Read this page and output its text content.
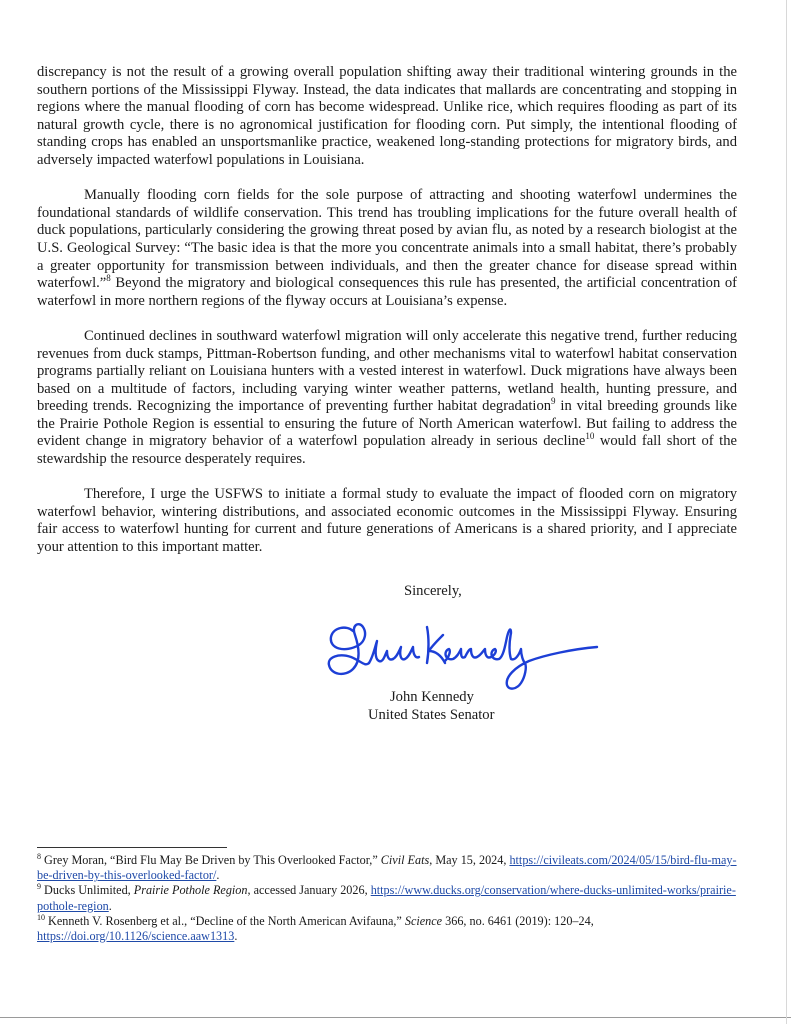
discrepancy is not the result of a growing overall population shifting away their traditional wintering grounds in the southern portions of the Mississippi Flyway. Instead, the data indicates that mallards are concentrating and stopping in regions where the manual flooding of corn has become widespread. Unlike rice, which requires flooding as part of its natural growth cycle, there is no agronomical justification for flooding corn. Put simply, the intentional flooding of standing crops has enabled an unsportsmanlike practice, weakened long-standing protections for migratory birds, and adversely impacted waterfowl populations in Louisiana.

Manually flooding corn fields for the sole purpose of attracting and shooting waterfowl undermines the foundational standards of wildlife conservation. This trend has troubling implications for the future overall health of duck populations, particularly considering the growing threat posed by avian flu, as noted by a research biologist at the U.S. Geological Survey: “The basic idea is that the more you concentrate animals into a small habitat, there’s probably a greater opportunity for transmission between individuals, and then the greater chance for disease spread within waterfowl.”$^8$ Beyond the migratory and biological consequences this rule has presented, the artificial concentration of waterfowl in more northern regions of the flyway occurs at Louisiana’s expense.

Continued declines in southward waterfowl migration will only accelerate this negative trend, further reducing revenues from duck stamps, Pittman-Robertson funding, and other mechanisms vital to waterfowl habitat conservation programs partially reliant on Louisiana hunters with a vested interest in waterfowl. Duck migrations have always been based on a multitude of factors, including varying winter weather patterns, wetland health, hunting pressure, and breeding trends. Recognizing the importance of preventing further habitat degradation$^9$ in vital breeding grounds like the Prairie Pothole Region is essential to ensuring the future of North American waterfowl. But failing to address the evident change in migratory behavior of a waterfowl population already in serious decline$^{10}$ would fall short of the stewardship the resource desperately requires.

Therefore, I urge the USFWS to initiate a formal study to evaluate the impact of flooded corn on migratory waterfowl behavior, wintering distributions, and associated economic outcomes in the Mississippi Flyway. Ensuring fair access to waterfowl hunting for current and future generations of Americans is a shared priority, and I appreciate your attention to this important matter.

Sincerely,
John Kennedy
United States Senator

$^8$ Grey Moran, “Bird Flu May Be Driven by This Overlooked Factor,” Civil Eats, May 15, 2024, https://civileats.com/2024/05/15/bird-flu-may-be-driven-by-this-overlooked-factor/.

$^9$ Ducks Unlimited, Prairie Pothole Region, accessed January 2026, https://www.ducks.org/conservation/where-ducks-unlimited-works/prairie-pothole-region.

$^{10}$ Kenneth V. Rosenberg et al., “Decline of the North American Avifauna,” Science 366, no. 6461 (2019): 120–24, https://doi.org/10.1126/science.aaw1313.
